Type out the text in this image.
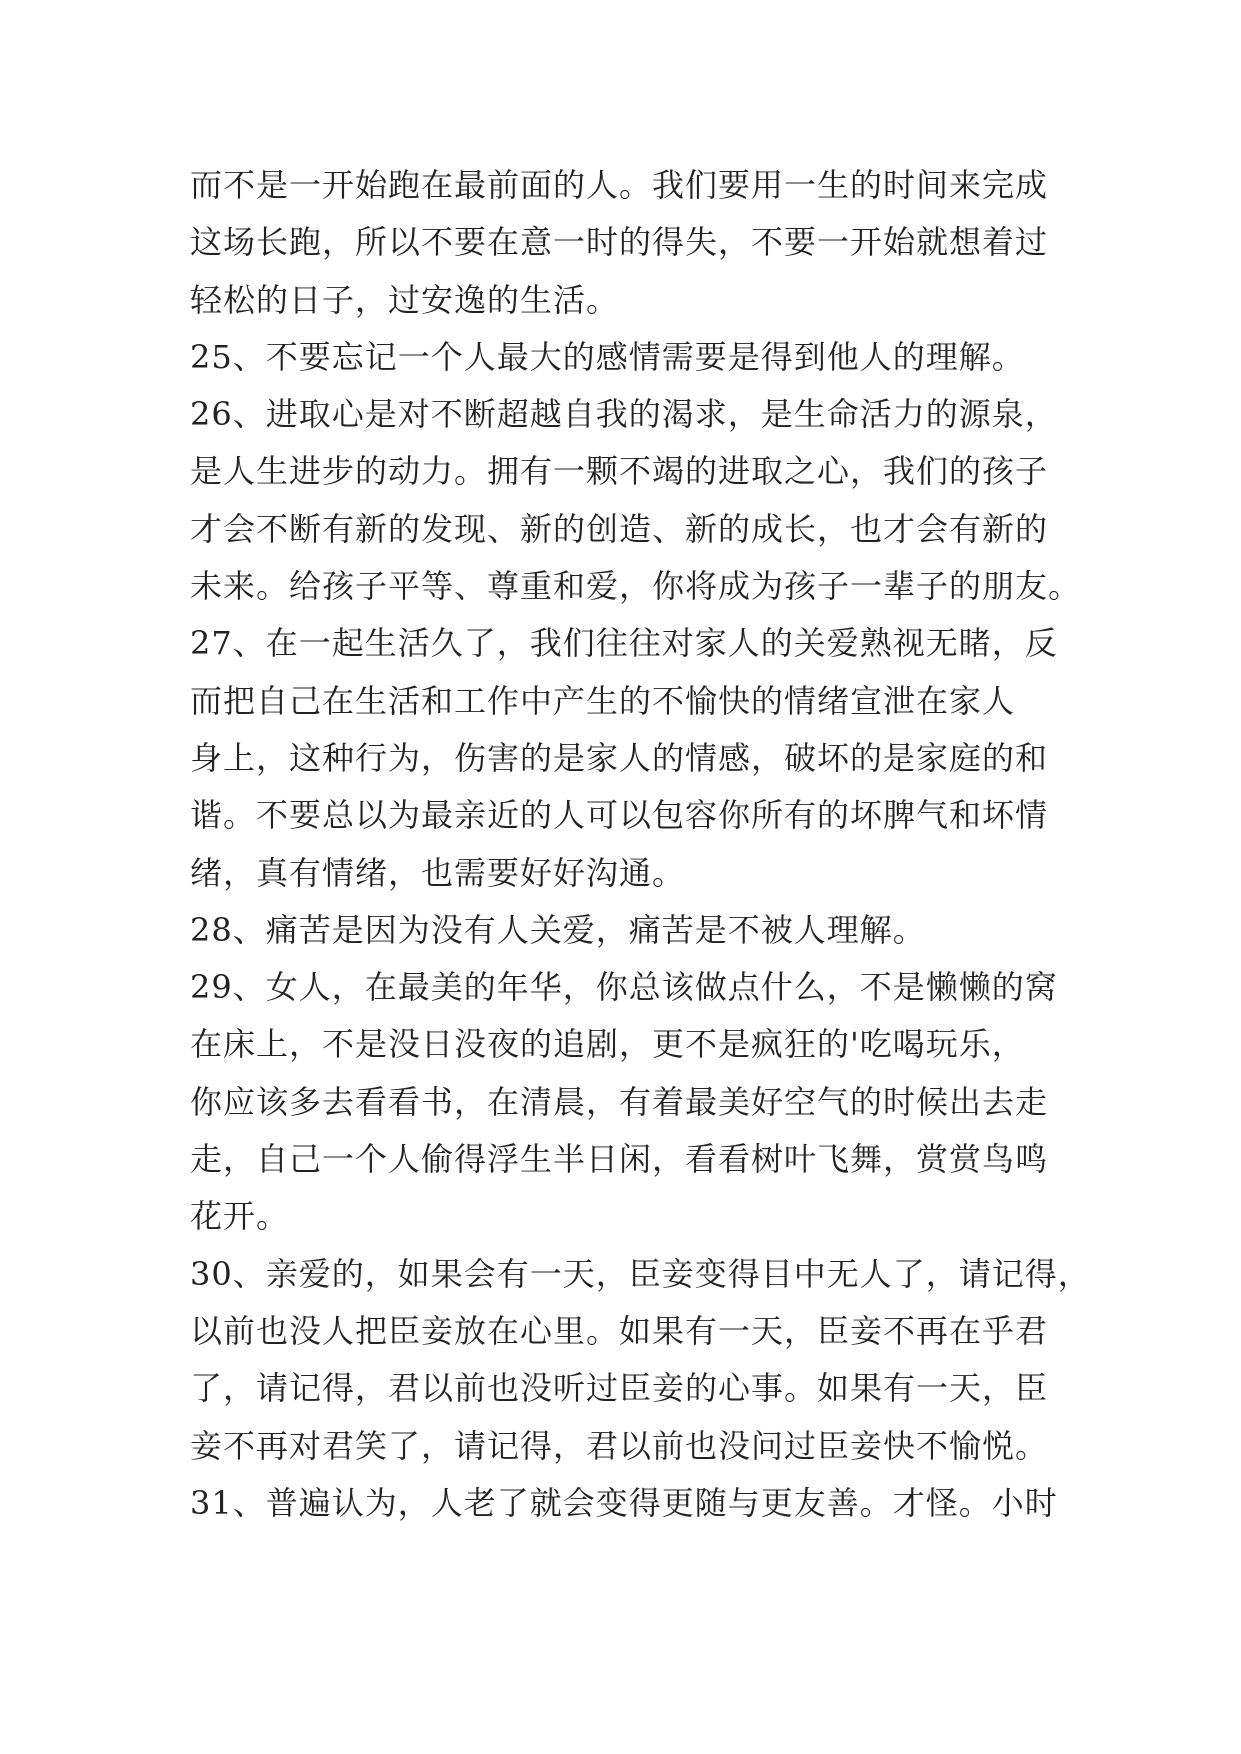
而不是一开始跑在最前面的人。我们要用一生的时间来完成
这场长跑，所以不要在意一时的得失，不要一开始就想着过
轻松的日子，过安逸的生活。
25、不要忘记一个人最大的感情需要是得到他人的理解。
26、进取心是对不断超越自我的渴求，是生命活力的源泉，
是人生进步的动力。拥有一颗不竭的进取之心，我们的孩子
才会不断有新的发现、新的创造、新的成长，也才会有新的
未来。给孩子平等、尊重和爱，你将成为孩子一辈子的朋友。
27、在一起生活久了，我们往往对家人的关爱熟视无睹，反
而把自己在生活和工作中产生的不愉快的情绪宣泄在家人
身上，这种行为，伤害的是家人的情感，破坏的是家庭的和
谐。不要总以为最亲近的人可以包容你所有的坏脾气和坏情
绪，真有情绪，也需要好好沟通。
28、痛苦是因为没有人关爱，痛苦是不被人理解。
29、女人，在最美的年华，你总该做点什么，不是懒懒的窝
在床上，不是没日没夜的追剧，更不是疯狂的'吃喝玩乐，
你应该多去看看书，在清晨，有着最美好空气的时候出去走
走，自己一个人偷得浮生半日闲，看看树叶飞舞，赏赏鸟鸣
花开。
30、亲爱的，如果会有一天，臣妾变得目中无人了，请记得，
以前也没人把臣妾放在心里。如果有一天，臣妾不再在乎君
了，请记得，君以前也没听过臣妾的心事。如果有一天，臣
妾不再对君笑了，请记得，君以前也没问过臣妾快不愉悦。
31、普遍认为，人老了就会变得更随与更友善。才怪。小时
